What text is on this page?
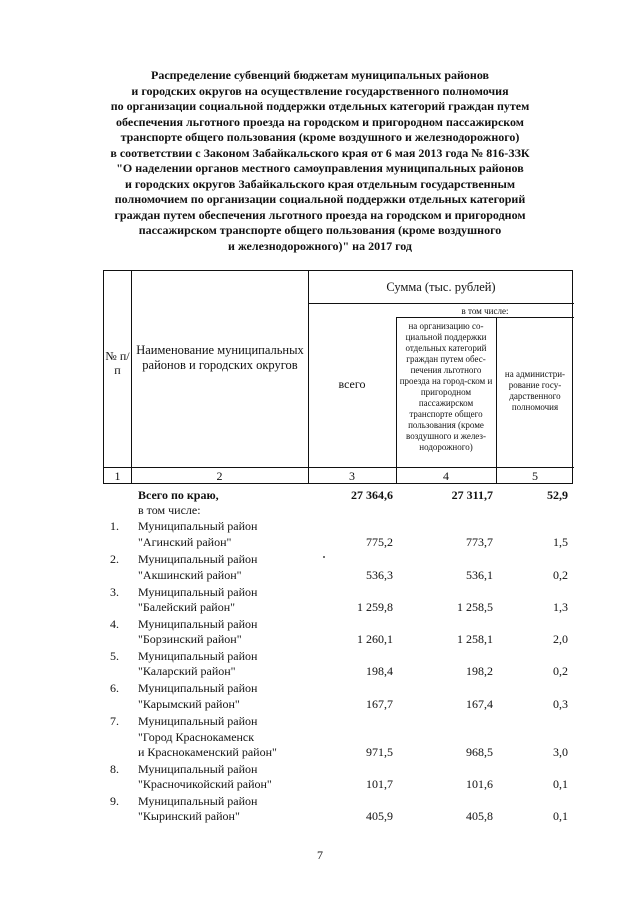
Распределение субвенций бюджетам муниципальных районов
и городских округов на осуществление государственного полномочия
по организации социальной поддержки отдельных категорий граждан путем
обеспечения льготного проезда на городском и пригородном пассажирском
транспорте общего пользования (кроме воздушного и железнодорожного)
в соответствии с Законом Забайкальского края от 6 мая 2013 года № 816-ЗЗК
"О наделении органов местного самоуправления муниципальных районов
и городских округов Забайкальского края отдельным государственным
полномочием по организации социальной поддержки отдельных категорий
граждан путем обеспечения льготного проезда на городском и пригородном
пассажирском транспорте общего пользования (кроме воздушного
и железнодорожного)" на 2017 год
№ п/п
Наименование муниципальных районов и городских округов
Сумма (тыс. рублей)
в том числе:
всего
на организацию со-циальной поддержки отдельных категорий граждан путем обес-печения льготного проезда на город-ском и пригородном пассажирском транспорте общего пользования (кроме воздушного и желез-нодорожного)
на администри-рование госу-дарственного полномочия
1	2	3	4	5
Всего по краю,	27 364,6	27 311,7	52,9
в том числе:
1. Муниципальный район
"Агинский район"	775,2	773,7	1,5
2. Муниципальный район
"Акшинский район"	536,3	536,1	0,2
3. Муниципальный район
"Балейский район"	1 259,8	1 258,5	1,3
4. Муниципальный район
"Борзинский район"	1 260,1	1 258,1	2,0
5. Муниципальный район
"Каларский район"	198,4	198,2	0,2
6. Муниципальный район
"Карымский район"	167,7	167,4	0,3
7. Муниципальный район
"Город Краснокаменск
и Краснокаменский район"	971,5	968,5	3,0
8. Муниципальный район
"Красночикойский район"	101,7	101,6	0,1
9. Муниципальный район
"Кыринский район"	405,9	405,8	0,1
7
